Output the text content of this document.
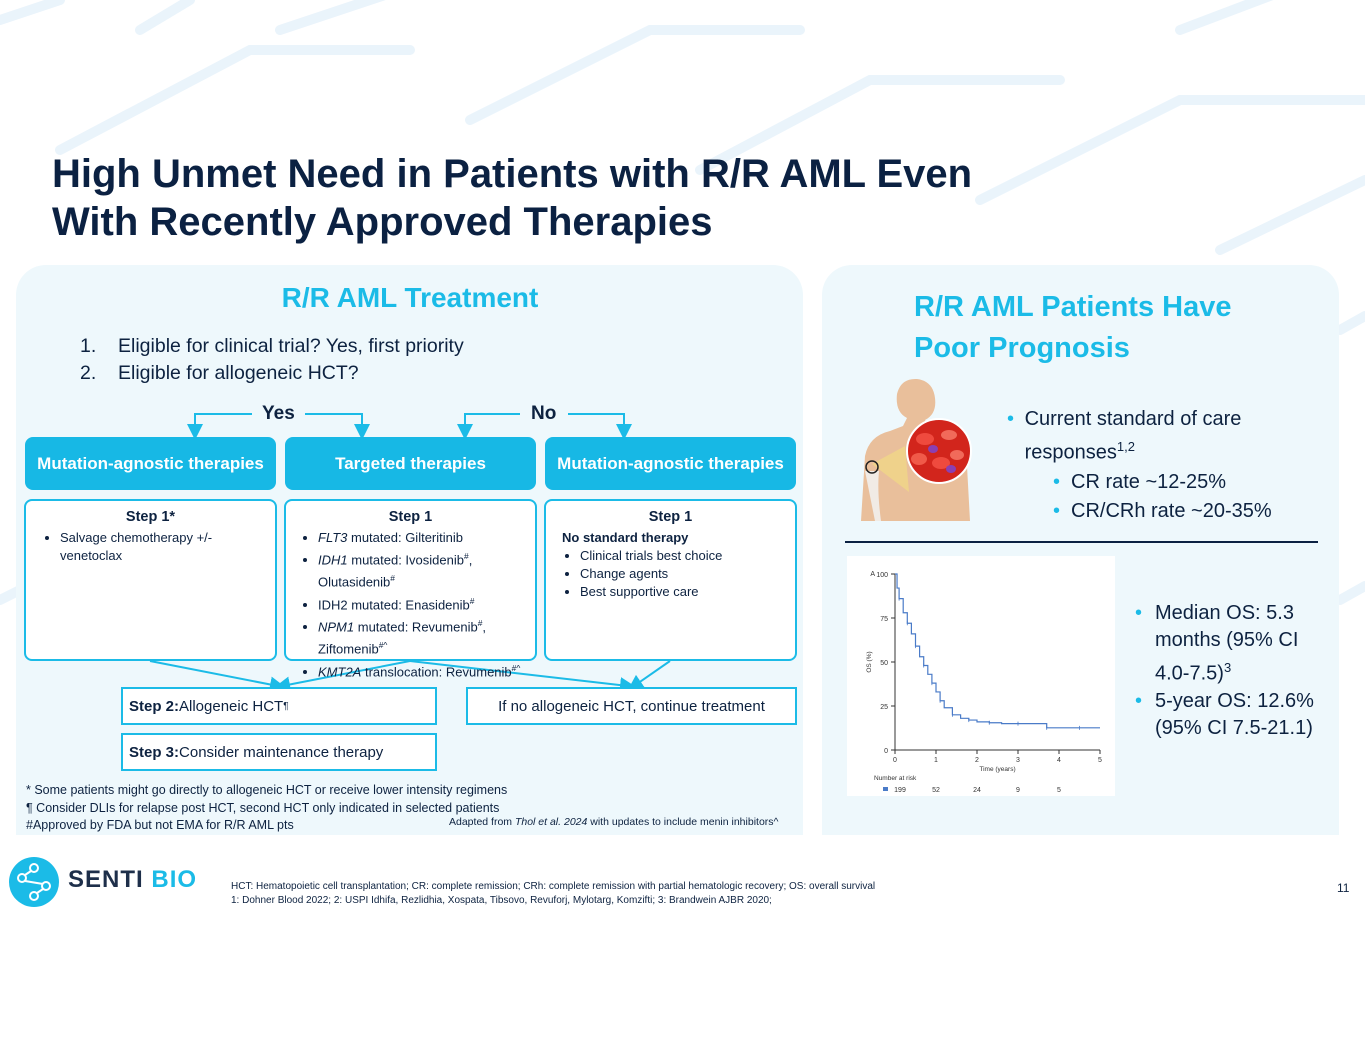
High Unmet Need in Patients with R/R AML Even
With Recently Approved Therapies
R/R AML Treatment
1. Eligible for clinical trial? Yes, first priority
2. Eligible for allogeneic HCT?
Yes	No
Mutation-agnostic therapies	Targeted therapies	Mutation-agnostic therapies
Step 1*
• Salvage chemotherapy +/- venetoclax
Step 1
• FLT3 mutated: Gilteritinib
• IDH1 mutated: Ivosidenib#, Olutasidenib#
• IDH2 mutated: Enasidenib#
• NPM1 mutated: Revumenib#, Ziftomenib#^
• KMT2A translocation: Revumenib#^
Step 1
No standard therapy
• Clinical trials best choice
• Change agents
• Best supportive care
Step 2: Allogeneic HCT ¶	If no allogeneic HCT, continue treatment
Step 3: Consider maintenance therapy
* Some patients might go directly to allogeneic HCT or receive lower intensity regimens
¶ Consider DLIs for relapse post HCT, second HCT only indicated in selected patients
#Approved by FDA but not EMA for R/R AML pts	Adapted from Thol et al. 2024 with updates to include menin inhibitors^
R/R AML Patients Have
Poor Prognosis
• Current standard of care responses$^{1,2}$
• CR rate ~12-25%
• CR/CRh rate ~20-35%
0
25
50
75
100
0	1	2	3	4	5
A
Time (years)
OS (%)
Number at risk
199	52	24	9	5
• Median OS: 5.3 months (95% CI 4.0-7.5)$^3$
• 5-year OS: 12.6% (95% CI 7.5-21.1)
SENTI BIO	HCT: Hematopoietic cell transplantation; CR: complete remission; CRh: complete remission with partial hematologic recovery; OS: overall survival
1: Dohner Blood 2022; 2: USPI Idhifa, Rezlidhia, Xospata, Tibsovo, Revuforj, Mylotarg, Komzifti; 3: Brandwein AJBR 2020;
11
